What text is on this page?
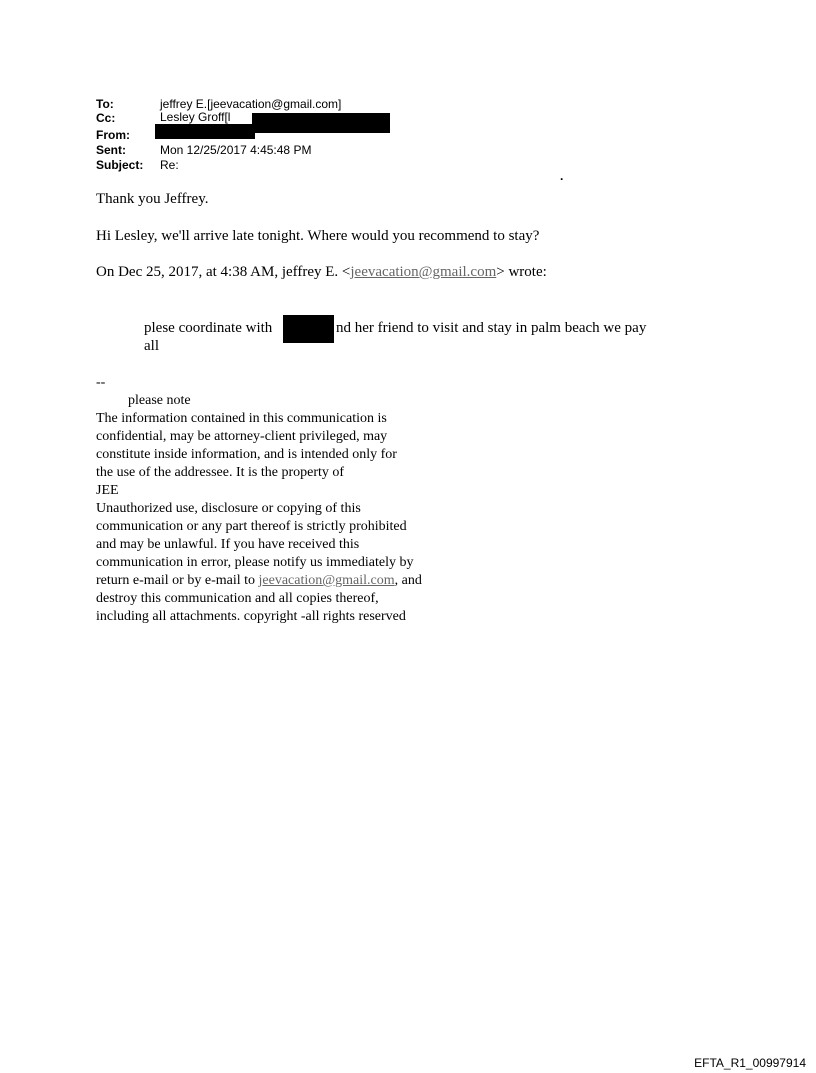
To:	jeffrey E.[jeevacation@gmail.com]
Cc:	Lesley Groff[l
From:
Sent:	Mon 12/25/2017 4:45:48 PM
Subject: Re:
.
Thank you Jeffrey.
Hi Lesley, we'll arrive late tonight. Where would you recommend to stay?
On Dec 25, 2017, at 4:38 AM, jeffrey E. <jeevacation@gmail.com> wrote:
plese coordinate with	nd her friend to visit and stay in palm beach we pay
all
--
please note
The information contained in this communication is
confidential, may be attorney-client privileged, may
constitute inside information, and is intended only for
the use of the addressee. It is the property of
JEE
Unauthorized use, disclosure or copying of this
communication or any part thereof is strictly prohibited
and may be unlawful. If you have received this
communication in error, please notify us immediately by
return e-mail or by e-mail to jeevacation@gmail.com, and
destroy this communication and all copies thereof,
including all attachments. copyright -all rights reserved
EFTA_R1_00997914
